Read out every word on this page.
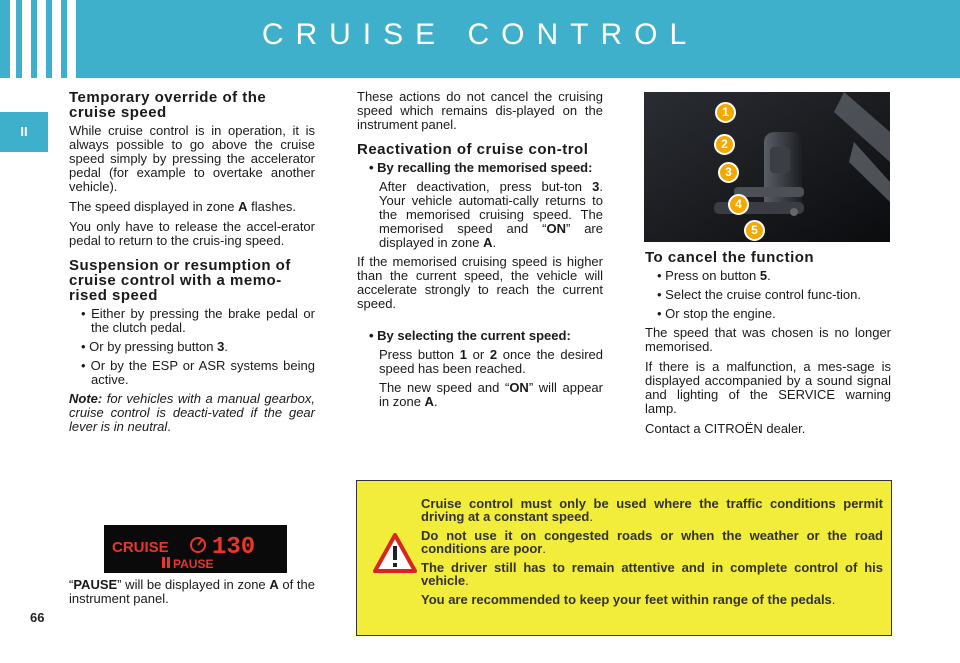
CRUISE CONTROL
II
66
Temporary override of the cruise speed

While cruise control is in operation, it is always possible to go above the cruise speed simply by pressing the accelerator pedal (for example to overtake another vehicle).

The speed displayed in zone A flashes.

You only have to release the accel-erator pedal to return to the cruis-ing speed.

Suspension or resumption of cruise control with a memo-rised speed

• Either by pressing the brake pedal or the clutch pedal.

• Or by pressing button 3.

• Or by the ESP or ASR systems being active.

Note: for vehicles with a manual gearbox, cruise control is deacti-vated if the gear lever is in neutral.

CRUISE 130
PAUSE
“PAUSE” will be displayed in zone A of the instrument panel.

These actions do not cancel the cruising speed which remains dis-played on the instrument panel.

Reactivation of cruise con-trol

• By recalling the memorised speed:

After deactivation, press but-ton 3. Your vehicle automati-cally returns to the memorised cruising speed. The memorised speed and “ON” are displayed in zone A.

If the memorised cruising speed is higher than the current speed, the vehicle will accelerate strongly to reach the current speed.

• By selecting the current speed:

Press button 1 or 2 once the desired speed has been reached.

The new speed and “ON” will appear in zone A.

1
2
3
4
5
To cancel the function

• Press on button 5.

• Select the cruise control func-tion.

• Or stop the engine.

The speed that was chosen is no longer memorised.

If there is a malfunction, a mes-sage is displayed accompanied by a sound signal and lighting of the SERVICE warning lamp.

Contact a CITROËN dealer.

Cruise control must only be used where the traffic conditions permit driving at a constant speed.

Do not use it on congested roads or when the weather or the road conditions are poor.

The driver still has to remain attentive and in complete control of his vehicle.

You are recommended to keep your feet within range of the pedals.
